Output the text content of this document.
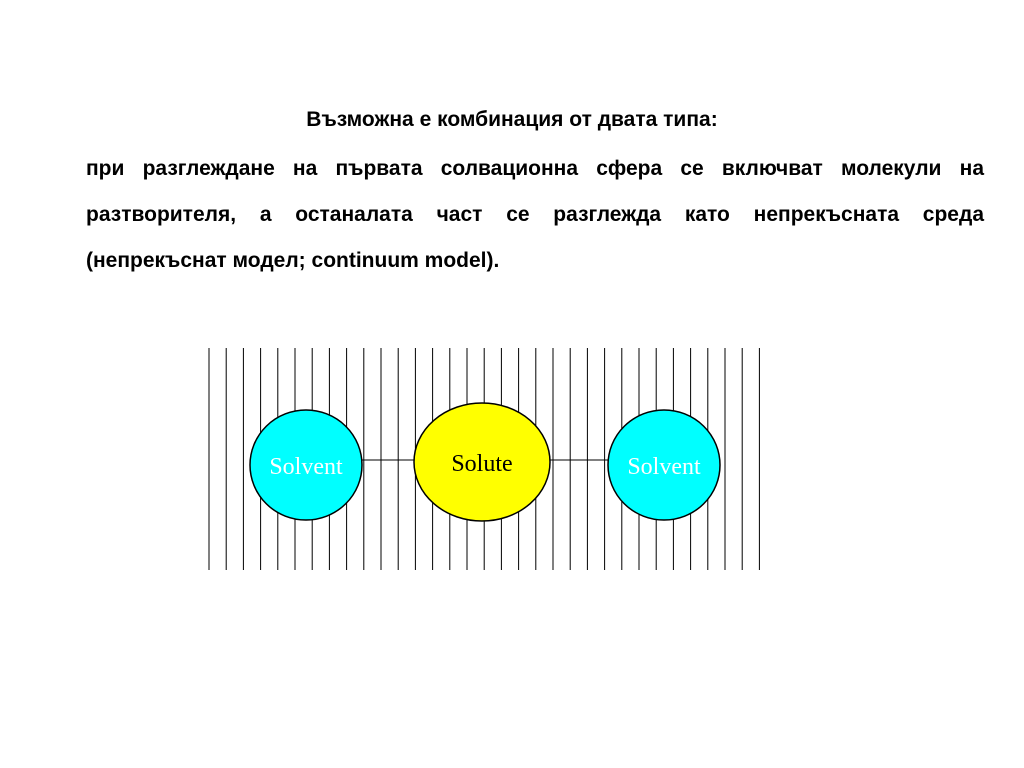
Възможна е комбинация от двата типа:

при разглеждане на първата солвационна сфера се включват молекули на разтворителя, а останалата част се разглежда като непрекъсната среда (непрекъснат модел; continuum model).

Solvent	Solute	Solvent
